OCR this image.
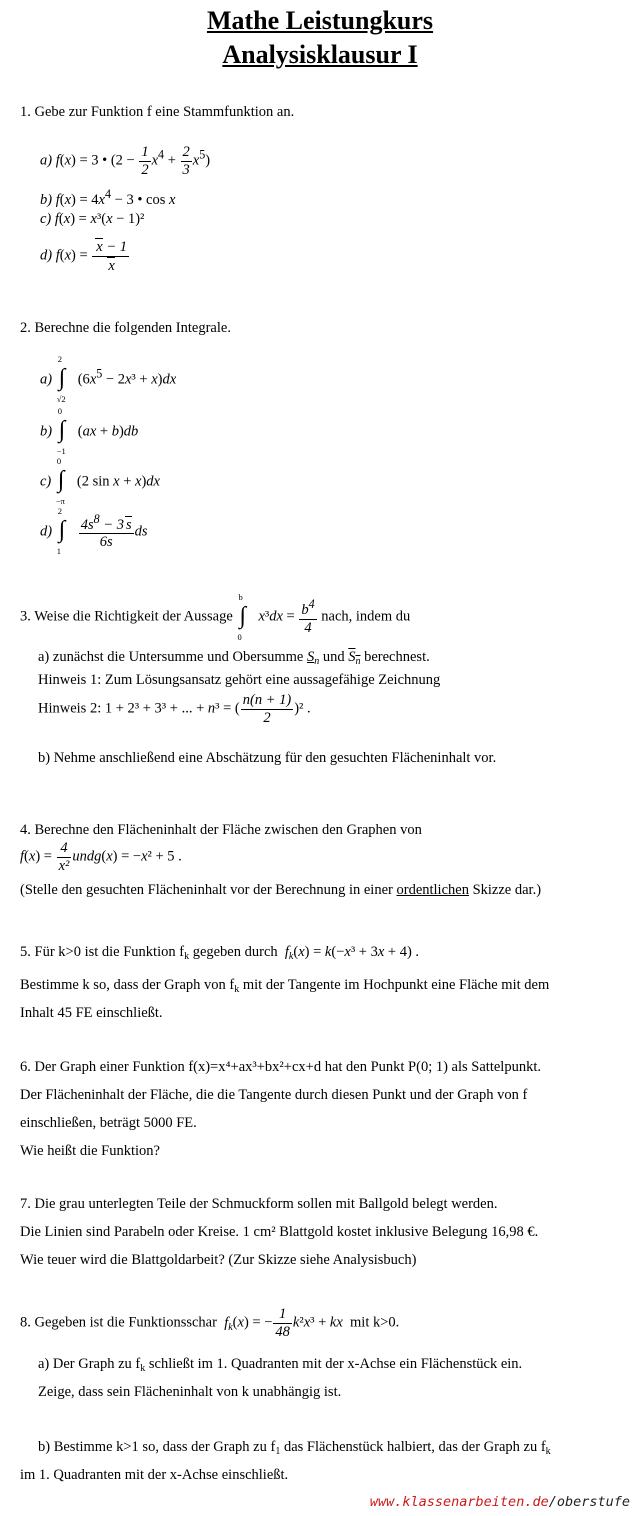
Mathe Leistungkurs
Analysisklausur I
1. Gebe zur Funktion f eine Stammfunktion an.
a) f(x) = 3 • $(2 - \frac{1}{2} x^4 + \frac{2}{3} x^5)$
b) $f(x) = 4x^4 - 3$ • cos x
c) f(x) = x³(x − 1)²
d) $f(x) = \frac{x - 1}{x}$
2. Berechne die folgenden Integrale.
a)
2
∫
√2
$(6x^5 - 2x^3 + x)dx$
b)
0
∫
−1
(ax + b)db
c)
0
∫
−π
(2 sin x + x)dx
d)
2
∫
$1 \frac{4s^8 - 3 s}{6s}$ ds
3. Weise die Richtigkeit der Aussage
b
∫
0
$x^3dx = \frac{b^4}{4}$ nach, indem du
a) zunächst die Untersumme und Obersumme $S_n$ und $S_n$ berechnest.
Hinweis 1: Zum Lösungsansatz gehört eine aussagefähige Zeichnung
Hinweis 2: 1 + 2³ + 3³ + ... + n³ = ( $\frac{n(n + 1)}{2} )^2$ .
b) Nehme anschließend eine Abschätzung für den gesuchten Flächeninhalt vor.
4. Berechne den Flächeninhalt der Fläche zwischen den Graphen von
$f(x) = \frac{4}{\text{x²}}$ undg(x) = −x² + 5 .
(Stelle den gesuchten Flächeninhalt vor der Berechnung in einer ordentlichen Skizze dar.)
5. Für k>0 ist die Funktion $f_k$ gegeben durch $f_k(x) = k(-x^3 + 3x + 4)$ .
Bestimme k so, dass der Graph von $f_k$ mit der Tangente im Hochpunkt eine Fläche mit dem
Inhalt 45 FE einschließt.
6. Der Graph einer Funktion f(x)=x⁴+ax³+bx²+cx+d hat den Punkt P(0; 1) als Sattelpunkt.
Der Flächeninhalt der Fläche, die die Tangente durch diesen Punkt und der Graph von f
einschließen, beträgt 5000 FE.
Wie heißt die Funktion?
7. Die grau unterlegten Teile der Schmuckform sollen mit Ballgold belegt werden.
Die Linien sind Parabeln oder Kreise. 1 cm² Blattgold kostet inklusive Belegung 16,98 €.
Wie teuer wird die Blattgoldarbeit? (Zur Skizze siehe Analysisbuch)
8. Gegeben ist die Funktionsschar $f_k(x)$ = − $\frac{1}{48} k^2x^3$ + kx mit k>0.
a) Der Graph zu $f_k$ schließt im 1. Quadranten mit der x-Achse ein Flächenstück ein.
Zeige, dass sein Flächeninhalt von k unabhängig ist.
b) Bestimme k>1 so, dass der Graph zu $f_1$ das Flächenstück halbiert, das der Graph zu $f_k$
im 1. Quadranten mit der x-Achse einschließt.
www.klassenarbeiten.de/oberstufe
